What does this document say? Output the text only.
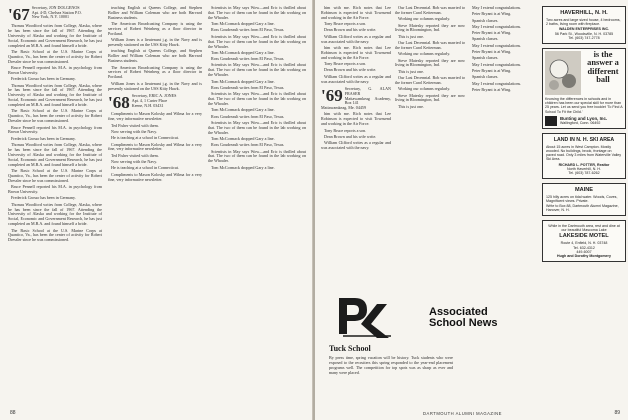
'67 Secretary, JON DOLGENOS
Apt. 4-D, Chelsea Station P.O.
New York, N.Y. 10001

Thomas Woodford writes from College, Alaska, where he has been since the fall of 1967. Attending the University of Alaska and working for the Institute of Social, Economic and Government Research, he has just completed an M.B.A. and found himself a bride.

The Basic School at the U.S. Marine Corps at Quantico, Va., has been the center of activity for Robert Dressler since he was commissioned.

Bruce Pennell reported his M.A. in psychology from Brown University.

Frederick Grosso has been in Germany.

Thomas Woodford writes from College, Alaska, where he has been since the fall of 1967. Attending the University of Alaska and working for the Institute of Social, Economic and Government Research, he has just completed an M.B.A. and found himself a bride.

The Basic School at the U.S. Marine Corps at Quantico, Va., has been the center of activity for Robert Dressler since he was commissioned.

Bruce Pennell reported his M.A. in psychology from Brown University.

Frederick Grosso has been in Germany.

Thomas Woodford writes from College, Alaska, where he has been since the fall of 1967. Attending the University of Alaska and working for the Institute of Social, Economic and Government Research, he has just completed an M.B.A. and found himself a bride.

The Basic School at the U.S. Marine Corps at Quantico, Va., has been the center of activity for Robert Dressler since he was commissioned.

Bruce Pennell reported his M.A. in psychology from Brown University.

Frederick Grosso has been in Germany.

Thomas Woodford writes from College, Alaska, where he has been since the fall of 1967. Attending the University of Alaska and working for the Institute of Social, Economic and Government Research, he has just completed an M.B.A. and found himself a bride.

The Basic School at the U.S. Marine Corps at Quantico, Va., has been the center of activity for Robert Dressler since he was commissioned.

teaching English at Queens College, and Stephen Bollier and William Coleman who are both Harvard Business students.

The American Broadcasting Company is using the services of Robert Weinberg as a floor director in Portland.

William Jones is a lieutenant j.g. in the Navy and is presently stationed on the USS Kitty Hawk.

teaching English at Queens College, and Stephen Bollier and William Coleman who are both Harvard Business students.

The American Broadcasting Company is using the services of Robert Weinberg as a floor director in Portland.

William Jones is a lieutenant j.g. in the Navy and is presently stationed on the USS Kitty Hawk.

'68 Secretary, ERIC A. JONES
Apt. 4, 1 Carter Place
Keene, N.H. 03431

Compliments to Mason Kolosky and Wilma for a very fine, very informative newsletter.

Ted Fisher visited with them.

Now serving with the Navy.

He is teaching at a school in Connecticut.

Compliments to Mason Kolosky and Wilma for a very fine, very informative newsletter.

Ted Fisher visited with them.

Now serving with the Navy.

He is teaching at a school in Connecticut.

Compliments to Mason Kolosky and Wilma for a very fine, very informative newsletter.

Scientists in May says Wow—and Eric is thrilled about that. The two of them can be found in the lab working on the Whoaler.

Tom McCormack dropped Gary a line.

Ross Goudreault writes from El Paso, Texas.

Scientists in May says Wow—and Eric is thrilled about that. The two of them can be found in the lab working on the Whoaler.

Tom McCormack dropped Gary a line.

Ross Goudreault writes from El Paso, Texas.

Scientists in May says Wow—and Eric is thrilled about that. The two of them can be found in the lab working on the Whoaler.

Tom McCormack dropped Gary a line.

Ross Goudreault writes from El Paso, Texas.

Scientists in May says Wow—and Eric is thrilled about that. The two of them can be found in the lab working on the Whoaler.

Tom McCormack dropped Gary a line.

Ross Goudreault writes from El Paso, Texas.

Scientists in May says Wow—and Eric is thrilled about that. The two of them can be found in the lab working on the Whoaler.

Tom McCormack dropped Gary a line.

Ross Goudreault writes from El Paso, Texas.

Scientists in May says Wow—and Eric is thrilled about that. The two of them can be found in the lab working on the Whoaler.

Tom McCormack dropped Gary a line.

88

him with me. Rich notes that Lee Robinson is expected to visit Townsend and working in the Air Force.

Tony Bruce reports a son.

Dean Brown and his wife write.

William Clifford writes as a regular and was associated with the navy.

him with me. Rich notes that Lee Robinson is expected to visit Townsend and working in the Air Force.

Tony Bruce reports a son.

Dean Brown and his wife write.

William Clifford writes as a regular and was associated with the navy.

'69 Secretary, G. ALAN FRASER
Mattawamkeag Academy, Box 141
Mattawamkeag, Me. 04459

him with me. Rich notes that Lee Robinson is expected to visit Townsend and working in the Air Force.

Tony Bruce reports a son.

Dean Brown and his wife write.

William Clifford writes as a regular and was associated with the navy.

Our Last Decennial. Bob was married to the former Carol Ketterman.

Working our columns regularly.

Steve Matesky reported they are now living in Bloomington, Ind.

This is just one.

Our Last Decennial. Bob was married to the former Carol Ketterman.

Working our columns regularly.

Steve Matesky reported they are now living in Bloomington, Ind.

This is just one.

Our Last Decennial. Bob was married to the former Carol Ketterman.

Working our columns regularly.

Steve Matesky reported they are now living in Bloomington, Ind.

This is just one.

May I extend congratulations.

Peter Bryant is at Wing.

Spanish classes.

May I extend congratulations.

Peter Bryant is at Wing.

Spanish classes.

May I extend congratulations.

Peter Bryant is at Wing.

Spanish classes.

May I extend congratulations.

Peter Bryant is at Wing.

Spanish classes.

May I extend congratulations.

Peter Bryant is at Wing.

Tuck School
By press time, spring vacation will be history. Tuck students who were exposed to the recruiters this spring responded to the year-end placement programs well. The competition for top spots was as sharp as ever and many were placed.
Associated School News
HAVERHILL, N. H.
Two acres and large sized house, 4 bedrooms, 2 baths, living room with fireplace.
WALDEN ENTERPRISES INC.
56 Park St., Woodsville, N. H. 03785
Tel. (603) 747-2778
is the
answer a
different
ball
Knowing the differences in schools and in children has been our special skill for more than 25 years. Let us send you free booklet 'To Find A School To Fit the Child.'
Bunting and Lyon, Inc.
Wallingford, Conn. 06492
LAND IN N. H. SKI AREA
About 15 acres in West Campton. Mostly wooded. No buildings, brook, frontage on paved road. Only 3 miles from Waterville Valley Ski Area.
RICHARD L. POTTER, Realtor
North Haverhill, N. H.
Tel. (603) 787-6262
MAINE
125 hilly acres on tidal water. Woods, Coves, Magnificent views. Private.
Write to Box 88, Dartmouth Alumni Magazine, Hanover, N. H.
While in the Dartmouth area, rest and dine at our beautiful Mascoma Lake
LAKESIDE MOTEL
Route 4, Enfield, N. H. 03748
Tel. 632-4312
449-6007
Hugh and Dorothy Montgomery
DARTMOUTH ALUMNI MAGAZINE	89
